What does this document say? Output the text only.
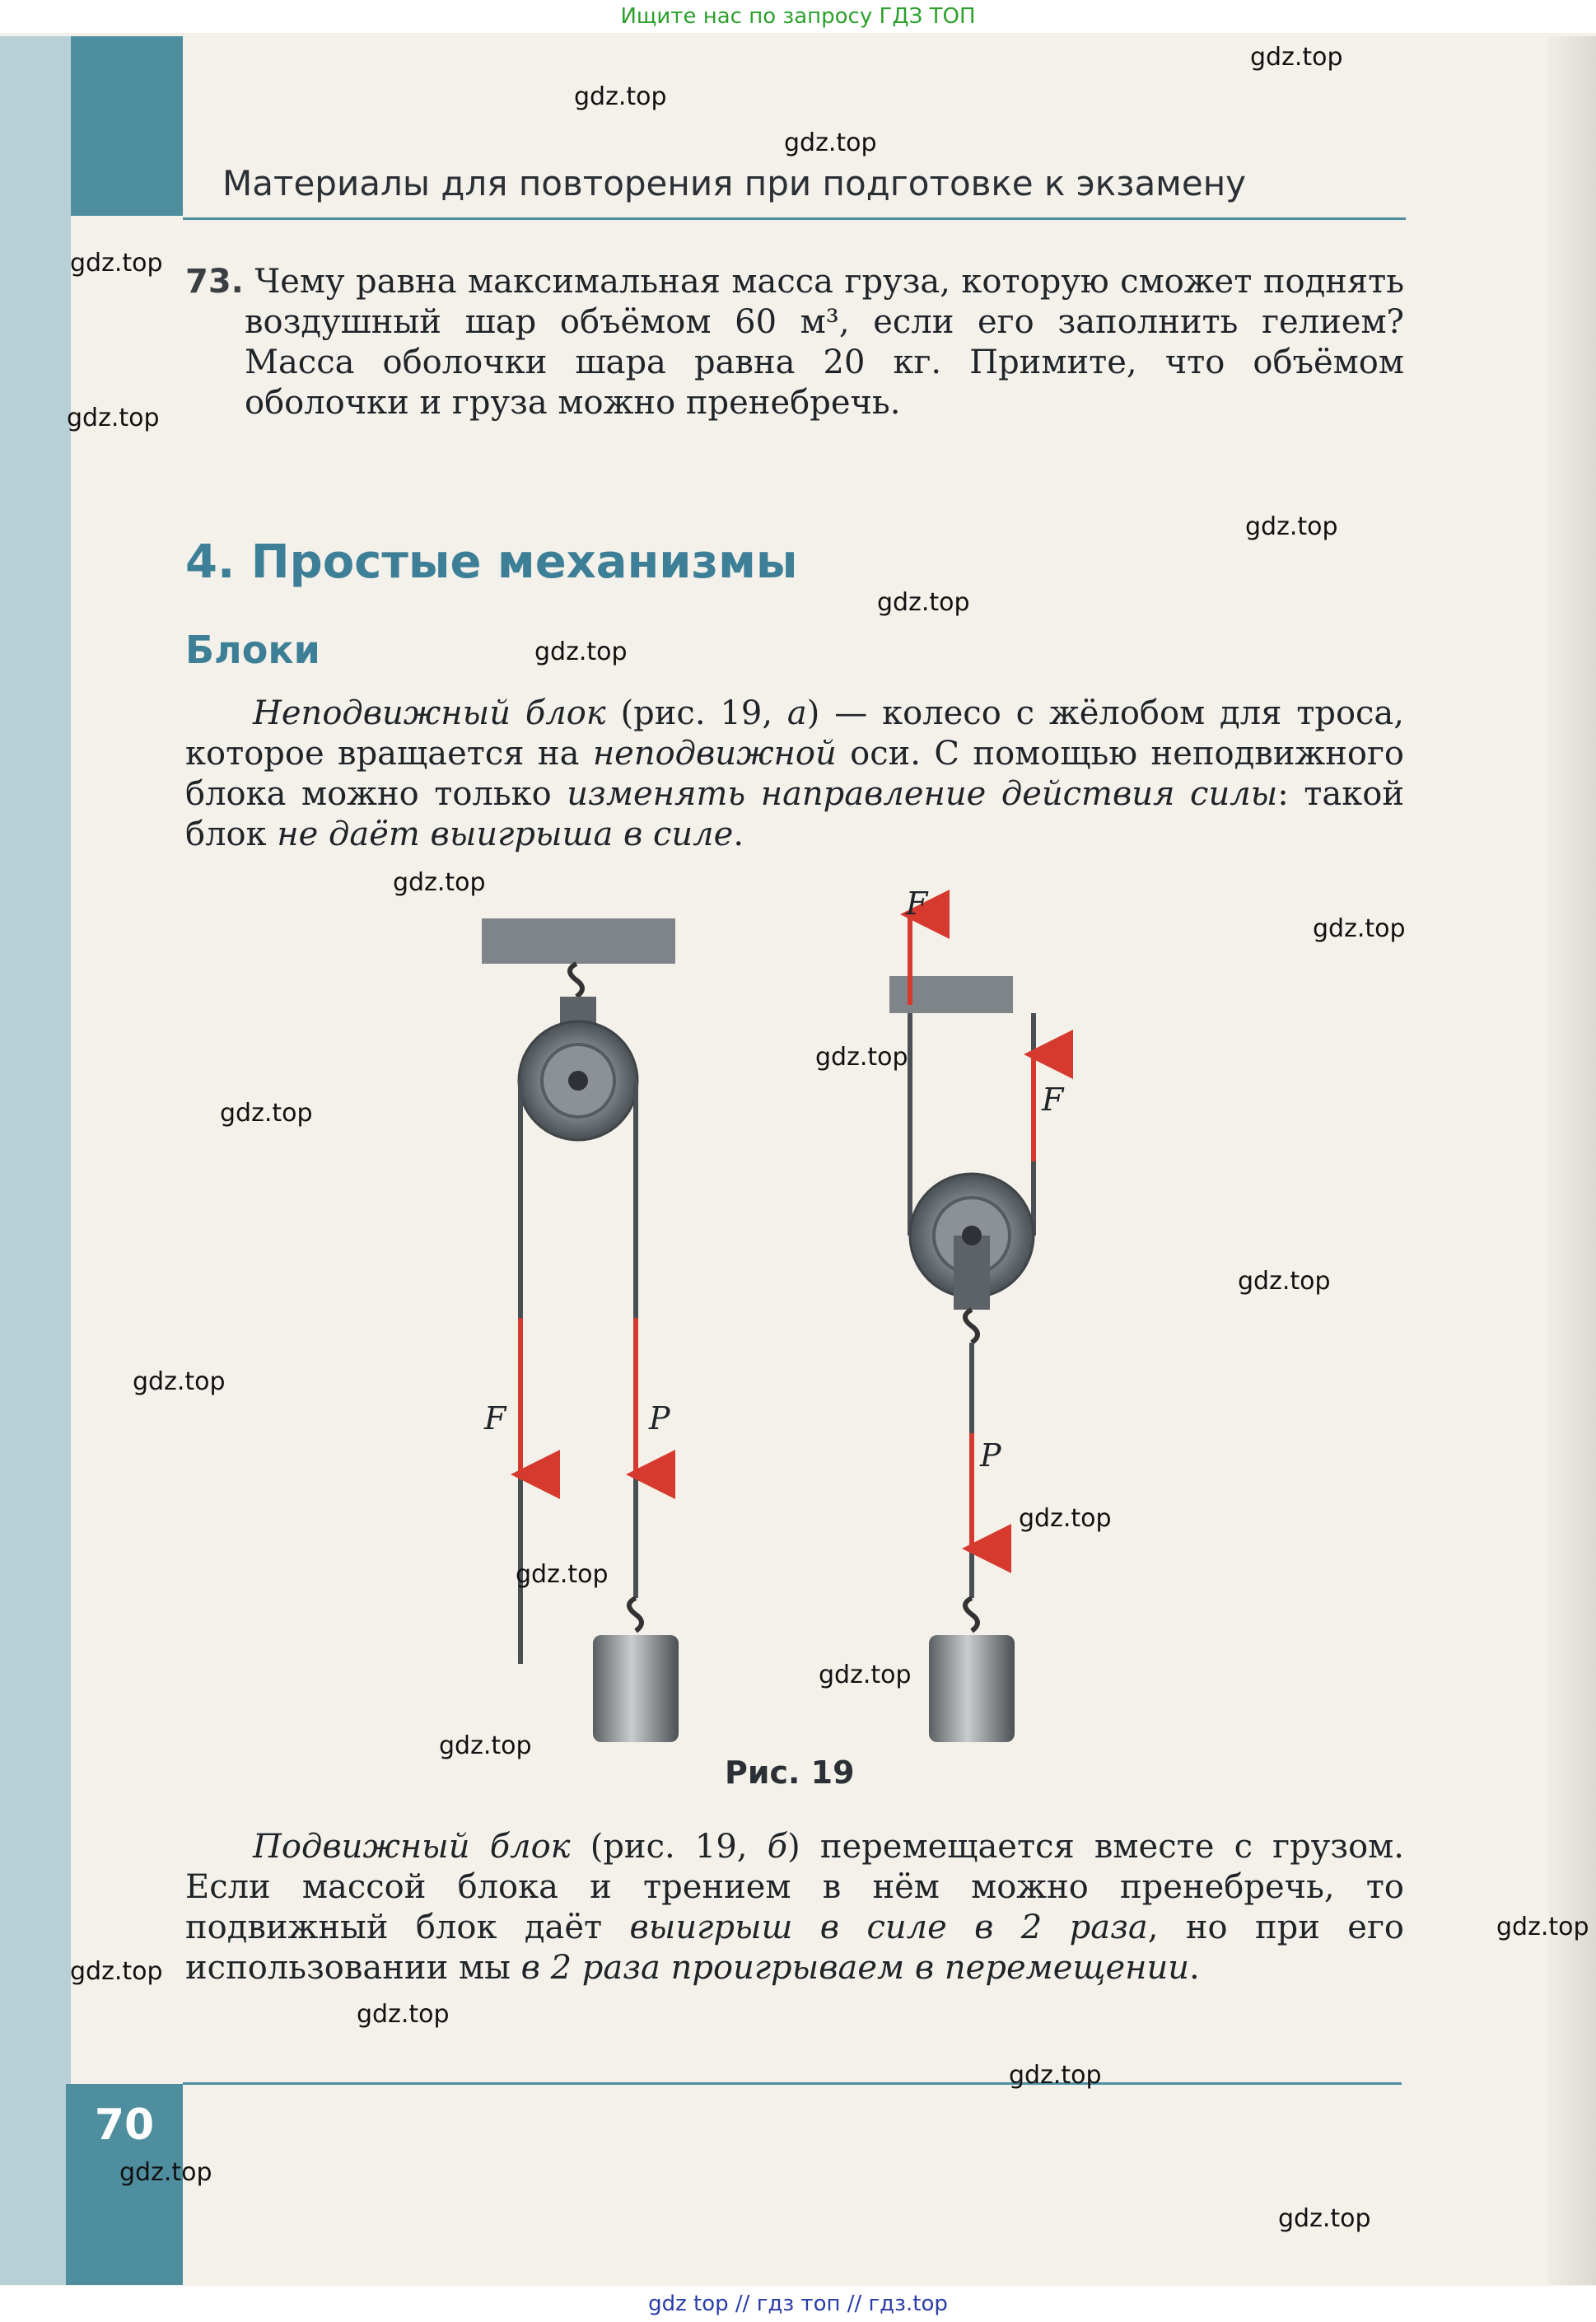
Ищите нас по запросу ГДЗ ТОП
Материалы для повторения при подготовке к экзамену

73. Чему равна максимальная масса груза, которую сможет поднять воздушный шар объёмом 60 м³, если его заполнить гелием? Масса оболочки шара равна 20 кг. Примите, что объёмом оболочки и груза можно пренебречь.

4. Простые механизмы
Блоки

Неподвижный блок (рис. 19, а) — колесо с жёлобом для троса, которое вращается на неподвижной оси. С помощью неподвижного блока можно только изменять направление действия силы: такой блок не даёт выигрыша в силе.

F	P
F
F
P
Рис. 19

Подвижный блок (рис. 19, б) перемещается вместе с грузом. Если массой блока и трением в нём можно пренебречь, то подвижный блок даёт выигрыш в силе в 2 раза, но при его использовании мы в 2 раза проигрываем в перемещении.

70
gdz.top
gdz.top
gdz.top
gdz.top
gdz.top
gdz.top
gdz.top
gdz.top
gdz.top
gdz.top
gdz.top
gdz.top
gdz.top
gdz.top
gdz.top
gdz.top
gdz.top
gdz.top
gdz.top
gdz.top
gdz.top
gdz.top
gdz.top
gdz.top
gdz top // гдз топ // гдз.top
